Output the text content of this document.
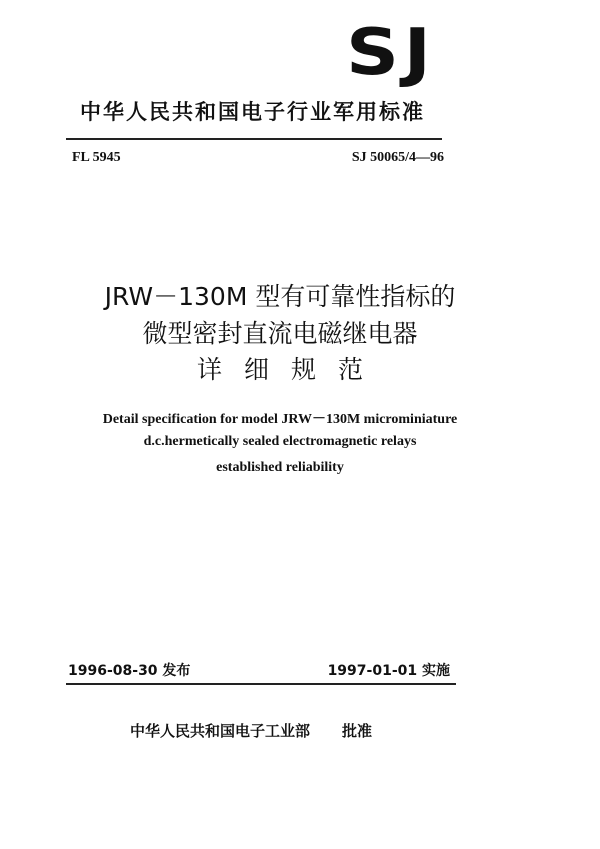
SJ
中华人民共和国电子行业军用标准
FL 5945	SJ 50065/4—96
JRW－130M 型有可靠性指标的
微型密封直流电磁继电器
详细规范
Detail specification for model JRW－130M microminiature
d.c.hermetically sealed electromagnetic relays
established reliability
1996-08-30 发布	1997-01-01 实施
中华人民共和国电子工业部 批准
